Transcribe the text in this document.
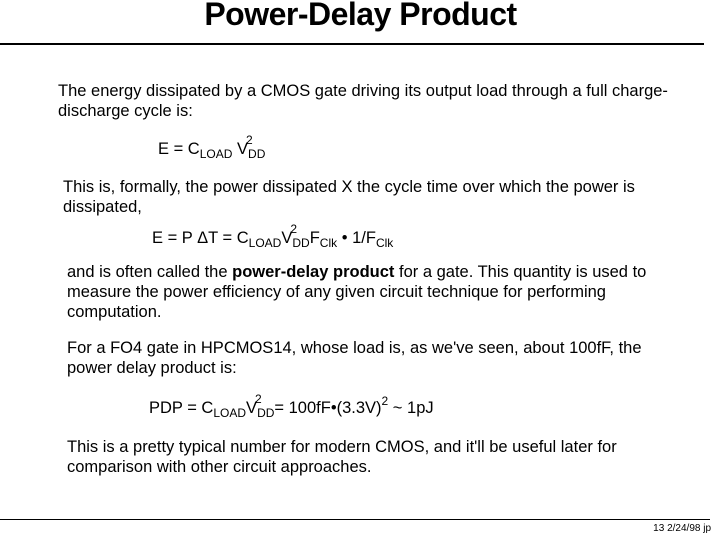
Power-Delay Product
The energy dissipated by a CMOS gate driving its output load through a full charge-discharge cycle is:
$E = C_{LOAD}$ V
2
$_{DD}$
This is, formally, the power dissipated X the cycle time over which the power is dissipated,
E = P $\Delta T = C_{LOAD}V$
2
$_{DD}F_{Clk}$ • $1/F_{Clk}$
and is often called the power-delay product for a gate. This quantity is used to measure the power efficiency of any given circuit technique for performing computation.
For a FO4 gate in HPCMOS14, whose load is, as we've seen, about 100fF, the power delay product is:
PDP = $C_{LOAD}V$
2
$_{DD}= 100fF•(3.3V)^2$ ~ 1pJ
This is a pretty typical number for modern CMOS, and it'll be useful later for comparison with other circuit approaches.
13 2/24/98 jp
